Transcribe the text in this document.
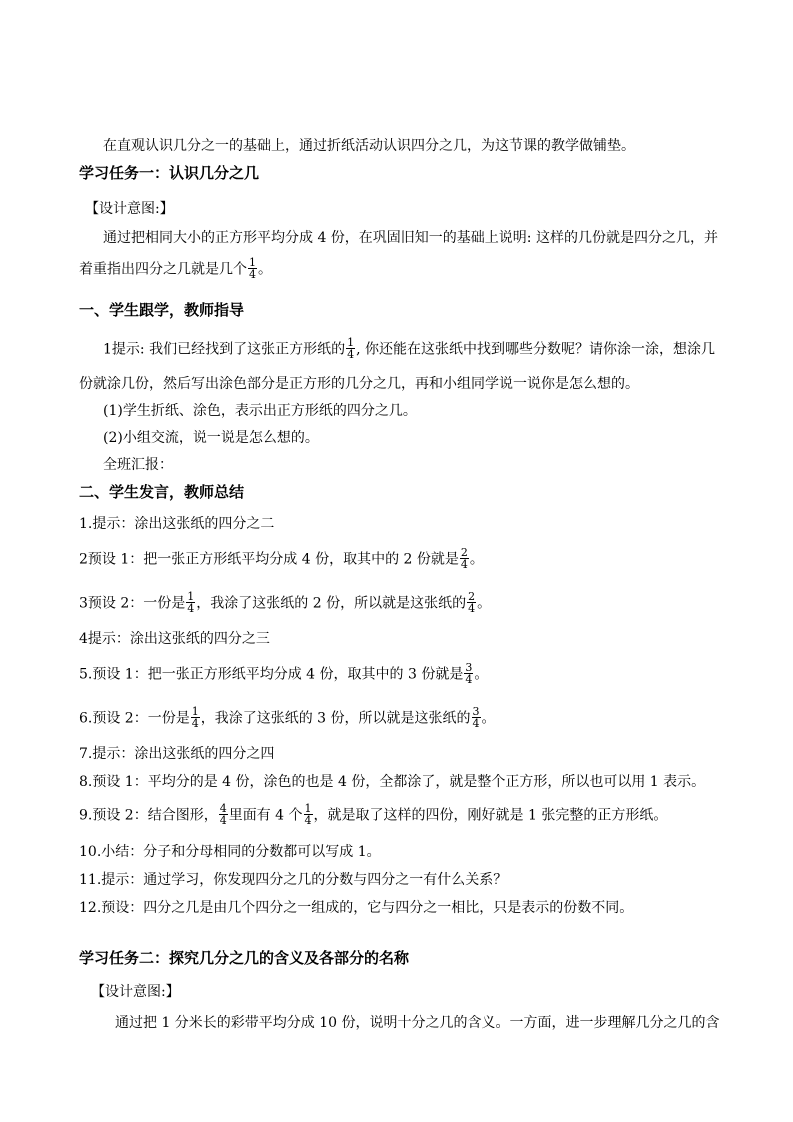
在直观认识几分之一的基础上，通过折纸活动认识四分之几，为这节课的教学做铺垫。
学习任务一：认识几分之几
【设计意图:】
通过把相同大小的正方形平均分成 4 份，在巩固旧知一的基础上说明: 这样的几份就是四分之几，并
着重指出四分之几就是几个 $\frac{1}{4}$ 。
一、学生跟学，教师指导
1提示: 我们已经找到了这张正方形纸的 $\frac{1}{4}$ , 你还能在这张纸中找到哪些分数呢？请你涂一涂，想涂几
份就涂几份，然后写出涂色部分是正方形的几分之几，再和小组同学说一说你是怎么想的。
(1)学生折纸、涂色，表示出正方形纸的四分之几。
(2)小组交流，说一说是怎么想的。
全班汇报：
二、学生发言，教师总结
1.提示：涂出这张纸的四分之二
2预设 1：把一张正方形纸平均分成 4 份，取其中的 2 份就是 $\frac{2}{4}$ 。
3预设 2：一份是 $\frac{1}{4}$ ，我涂了这张纸的 2 份，所以就是这张纸的 $\frac{2}{4}$ 。
4提示：涂出这张纸的四分之三
5.预设 1：把一张正方形纸平均分成 4 份，取其中的 3 份就是 $\frac{3}{4}$ 。
6.预设 2：一份是 $\frac{1}{4}$ ，我涂了这张纸的 3 份，所以就是这张纸的 $\frac{3}{4}$ 。
7.提示：涂出这张纸的四分之四
8.预设 1：平均分的是 4 份，涂色的也是 4 份，全都涂了，就是整个正方形，所以也可以用 1 表示。
9.预设 2：结合图形， $\frac{4}{4}$ 里面有 4 个 $\frac{1}{4}$ ，就是取了这样的四份，刚好就是 1 张完整的正方形纸。
10.小结：分子和分母相同的分数都可以写成 1。
11.提示：通过学习，你发现四分之几的分数与四分之一有什么关系？
12.预设：四分之几是由几个四分之一组成的，它与四分之一相比，只是表示的份数不同。
学习任务二：探究几分之几的含义及各部分的名称
【设计意图:】
通过把 1 分米长的彩带平均分成 10 份，说明十分之几的含义。一方面，进一步理解几分之几的含
